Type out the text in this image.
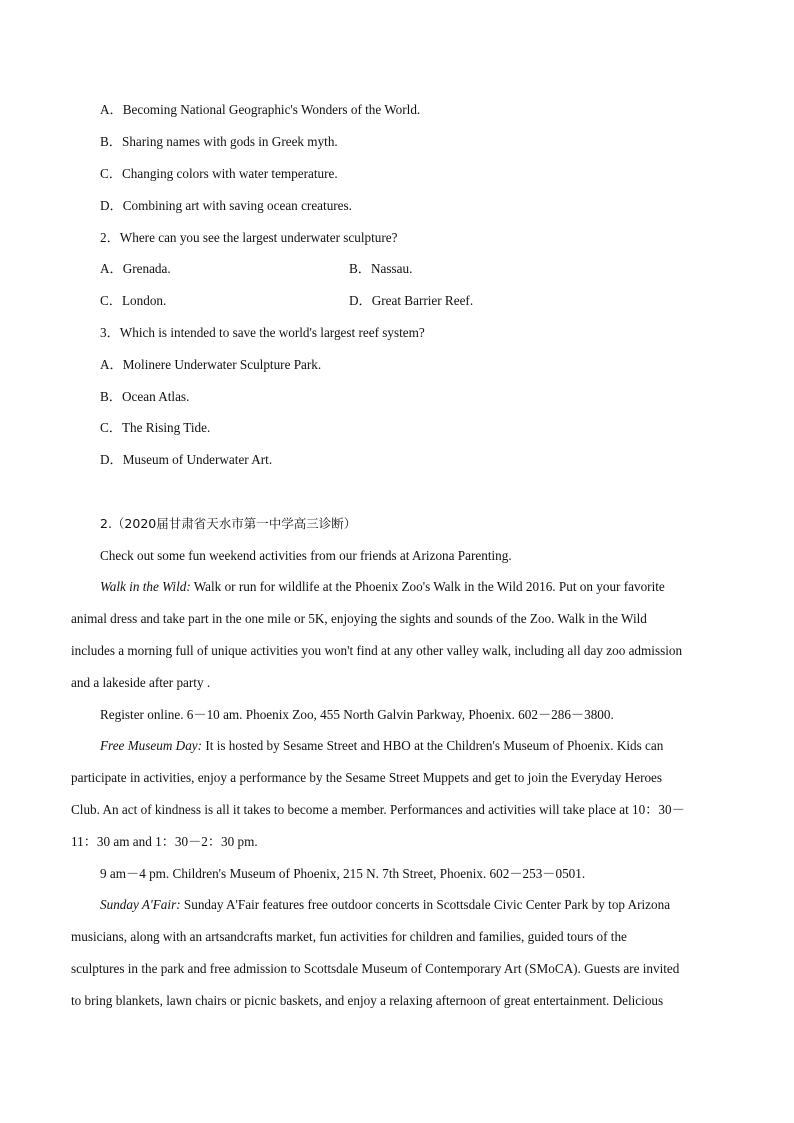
A．Becoming National Geographic's Wonders of the World.
B．Sharing names with gods in Greek myth.
C．Changing colors with water temperature.
D．Combining art with saving ocean creatures.
2．Where can you see the largest underwater sculpture?
A．Grenada.	B．Nassau.
C．London.	D．Great Barrier Reef.
3．Which is intended to save the world's largest reef system?
A．Molinere Underwater Sculpture Park.
B．Ocean Atlas.
C．The Rising Tide.
D．Museum of Underwater Art.
2.（2020届甘肃省天水市第一中学高三诊断）
Check out some fun weekend activities from our friends at Arizona Parenting.
Walk in the Wild: Walk or run for wildlife at the Phoenix Zoo's Walk in the Wild 2016. Put on your favorite
animal dress and take part in the one mile or 5K, enjoying the sights and sounds of the Zoo. Walk in the Wild
includes a morning full of unique activities you won't find at any other valley walk, including all day zoo admission
and a lakeside after party .
Register online. 6－10 am. Phoenix Zoo, 455 North Galvin Parkway, Phoenix. 602－286－3800.
Free Museum Day: It is hosted by Sesame Street and HBO at the Children's Museum of Phoenix. Kids can
participate in activities, enjoy a performance by the Sesame Street Muppets and get to join the Everyday Heroes
Club. An act of kindness is all it takes to become a member. Performances and activities will take place at 10：30－
11：30 am and 1：30－2：30 pm.
9 am－4 pm. Children's Museum of Phoenix, 215 N. 7th Street, Phoenix. 602－253－0501.
Sunday A'Fair: Sunday A'Fair features free outdoor concerts in Scottsdale Civic Center Park by top Arizona
musicians, along with an artsandcrafts market, fun activities for children and families, guided tours of the
sculptures in the park and free admission to Scottsdale Museum of Contemporary Art (SMoCA). Guests are invited
to bring blankets, lawn chairs or picnic baskets, and enjoy a relaxing afternoon of great entertainment. Delicious
